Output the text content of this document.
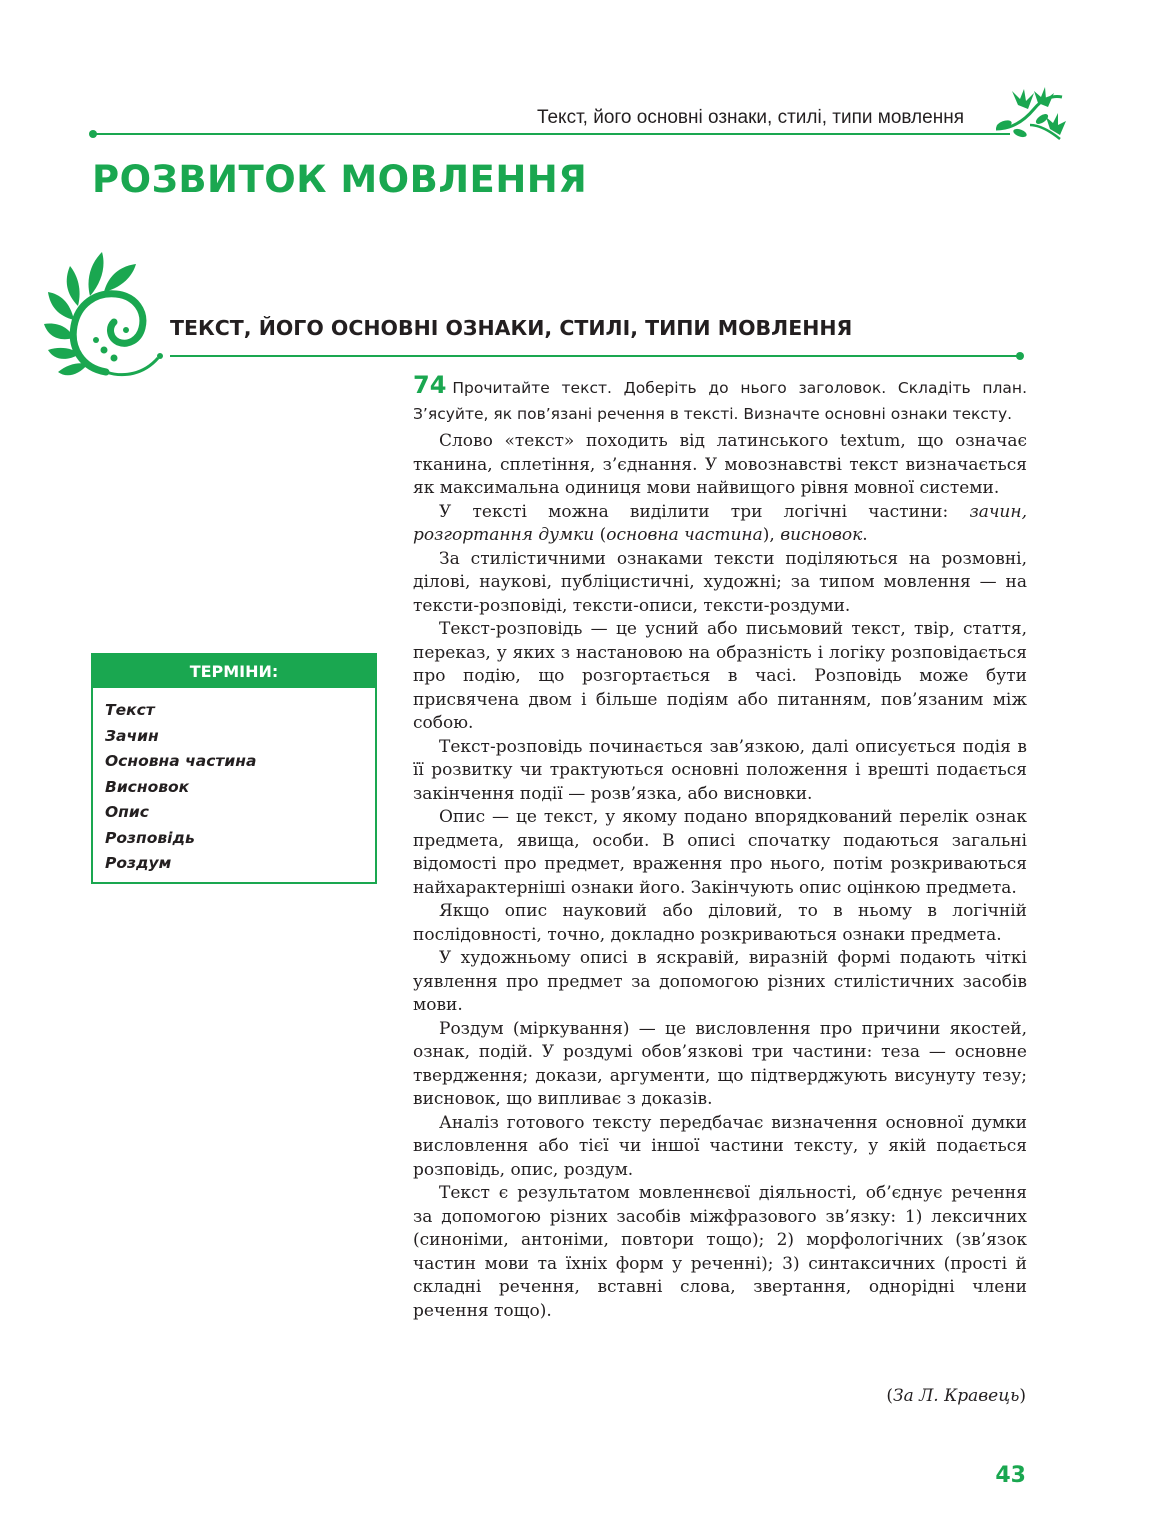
Текст, його основні ознаки, стилі, типи мовлення
РОЗВИТОК МОВЛЕННЯ
ТЕКСТ, ЙОГО ОСНОВНІ ОЗНАКИ, СТИЛІ, ТИПИ МОВЛЕННЯ
ТЕРМІНИ:
Текст
Зачин
Основна частина
Висновок
Опис
Розповідь
Роздум
74 Прочитайте текст. Доберіть до нього заголовок. Складіть план. З’ясуйте, як пов’язані речення в тексті. Визначте основні ознаки тексту.

Слово «текст» походить від латинського textum, що означає тканина, сплетіння, з’єднання. У мовознавстві текст визначається як максимальна одиниця мови найвищого рівня мовної системи.

У тексті можна виділити три логічні частини: зачин, розгортання думки (основна частина), висновок.

За стилістичними ознаками тексти поділяються на розмовні, ділові, наукові, публіцистичні, художні; за типом мовлення — на тексти-розповіді, тексти-описи, тексти-роздуми.

Текст-розповідь — це усний або письмовий текст, твір, стаття, переказ, у яких з настановою на образність і логіку розповідається про подію, що розгортається в часі. Розповідь може бути присвячена двом і більше подіям або питанням, пов’язаним між собою.

Текст-розповідь починається зав’язкою, далі описується подія в її розвитку чи трактуються основні положення і врешті подається закінчення події — розв’язка, або висновки.

Опис — це текст, у якому подано впорядкований перелік ознак предмета, явища, особи. В описі спочатку подаються загальні відомості про предмет, враження про нього, потім розкриваються найхарактерніші ознаки його. Закінчують опис оцінкою предмета.

Якщо опис науковий або діловий, то в ньому в логічній послідовності, точно, докладно розкриваються ознаки предмета.

У художньому описі в яскравій, виразній формі подають чіткі уявлення про предмет за допомогою різних стилістичних засобів мови.

Роздум (міркування) — це висловлення про причини якостей, ознак, подій. У роздумі обов’язкові три частини: теза — основне твердження; докази, аргументи, що підтверджують висунуту тезу; висновок, що випливає з доказів.

Аналіз готового тексту передбачає визначення основної думки висловлення або тієї чи іншої частини тексту, у якій подається розповідь, опис, роздум.

Текст є результатом мовленнєвої діяльності, об’єднує речення за допомогою різних засобів міжфразового зв’язку: 1) лексичних (синоніми, антоніми, повтори тощо); 2) морфологічних (зв’язок частин мови та їхніх форм у реченні); 3) синтаксичних (прості й складні речення, вставні слова, звертання, однорідні члени речення тощо).

(За Л. Кравець)
43
